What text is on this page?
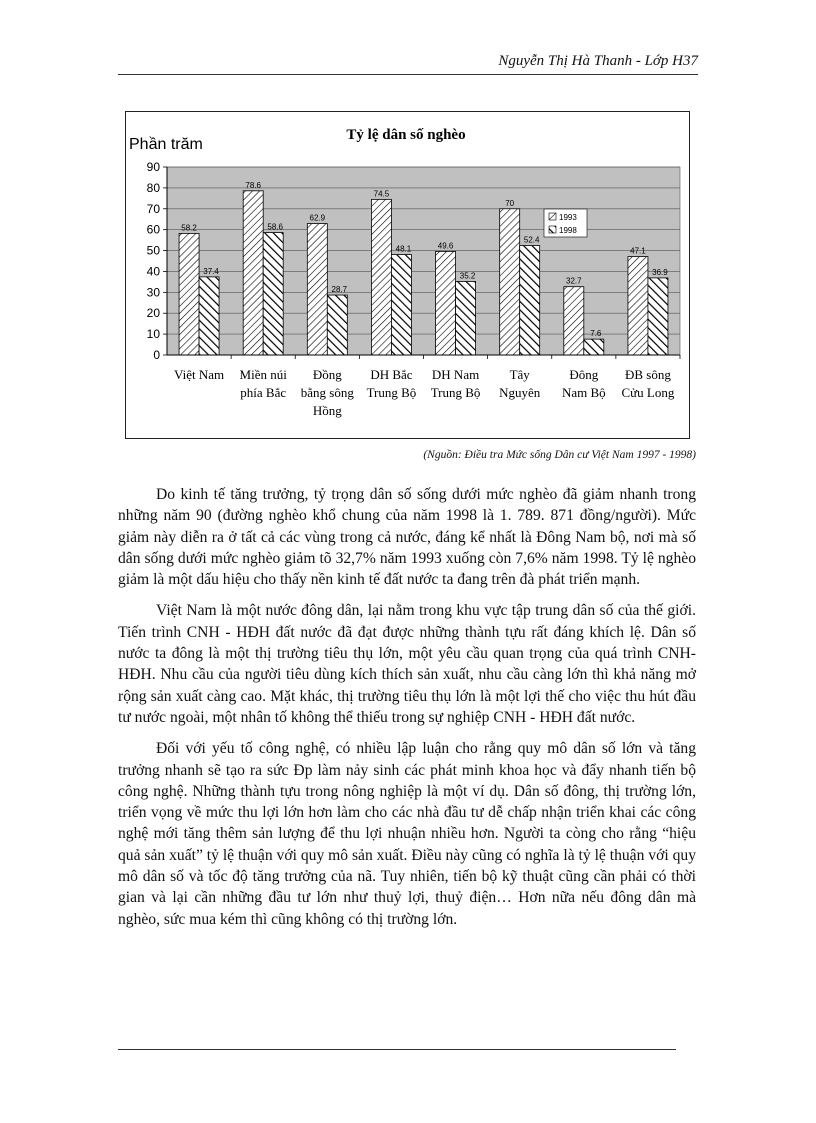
Nguyễn Thị Hà Thanh - Lớp H37
58.2
37.4
78.6
58.6
62.9
28.7
74.5
48.1	49.6
35.2
70
52.4
32.7
7.6
47.1
36.9
0
10
20
30
40
50
60
70
80
90
Việt Nam Miền núi
phía Bắc
Đồng
bằng sông
Hồng
DH Bắc
Trung Bộ
DH Nam
Trung Bộ
Tây
Nguyên
Đông
Nam Bộ
ĐB sông
Cửu Long
Phần trăm
Tỷ lệ dân số nghèo
1993
1998
(Nguồn: Điều tra Mức sống Dân cư Việt Nam 1997 - 1998)

Do kinh tế tăng trưởng, tỷ trọng dân số sống dưới mức nghèo đã giảm nhanh trong những năm 90 (đường nghèo khổ chung của năm 1998 là 1. 789. 871 đồng/người). Mức giảm này diễn ra ở tất cả các vùng trong cả nước, đáng kể nhất là Đông Nam bộ, nơi mà số dân sống dưới mức nghèo giảm tõ 32,7% năm 1993 xuống còn 7,6% năm 1998. Tỷ lệ nghèo giảm là một dấu hiệu cho thấy nền kinh tế đất nước ta đang trên đà phát triển mạnh.

Việt Nam là một nước đông dân, lại nằm trong khu vực tập trung dân số của thế giới. Tiến trình CNH - HĐH đất nước đã đạt được những thành tựu rất đáng khích lệ. Dân số nước ta đông là một thị trường tiêu thụ lớn, một yêu cầu quan trọng của quá trình CNH-HĐH. Nhu cầu của người tiêu dùng kích thích sản xuất, nhu cầu càng lớn thì khả năng mở rộng sản xuất càng cao. Mặt khác, thị trường tiêu thụ lớn là một lợi thế cho việc thu hút đầu tư nước ngoài, một nhân tố không thể thiếu trong sự nghiệp CNH - HĐH đất nước.

Đối với yếu tố công nghệ, có nhiều lập luận cho rằng quy mô dân số lớn và tăng trưởng nhanh sẽ tạo ra sức Đp làm nảy sinh các phát minh khoa học và đẩy nhanh tiến bộ công nghệ. Những thành tựu trong nông nghiệp là một ví dụ. Dân số đông, thị trường lớn, triển vọng về mức thu lợi lớn hơn làm cho các nhà đầu tư dễ chấp nhận triển khai các công nghệ mới tăng thêm sản lượng để thu lợi nhuận nhiều hơn. Người ta còng cho rằng “hiệu quả sản xuất” tỷ lệ thuận với quy mô sản xuất. Điều này cũng có nghĩa là tỷ lệ thuận với quy mô dân số và tốc độ tăng trưởng của nã. Tuy nhiên, tiến bộ kỹ thuật cũng cần phải có thời gian và lại cần những đầu tư lớn như thuỷ lợi, thuỷ điện… Hơn nữa nếu đông dân mà nghèo, sức mua kém thì cũng không có thị trường lớn.
